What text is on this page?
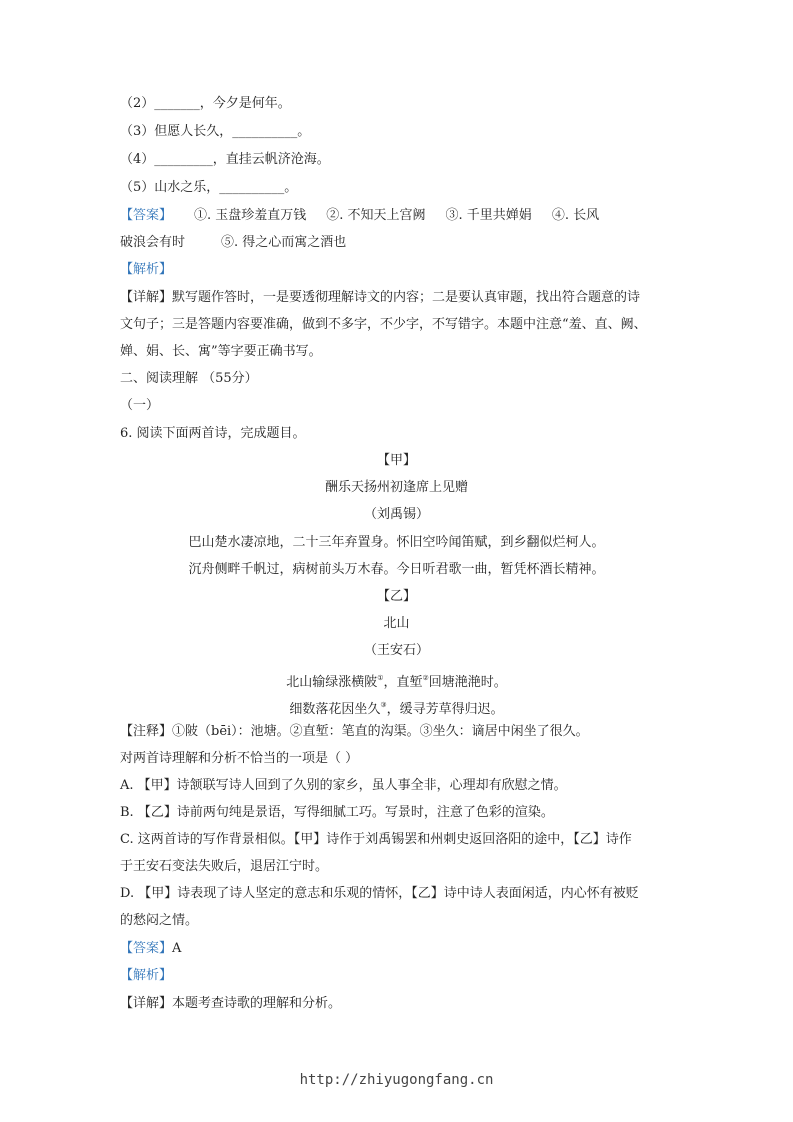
（2）_______，今夕是何年。
（3）但愿人长久，__________。
（4）_________，直挂云帆济沧海。
（5）山水之乐，__________。
【答案】 ①. 玉盘珍羞直万钱 ②. 不知天上宫阙 ③. 千里共婵娟 ④. 长风
破浪会有时	⑤. 得之心而寓之酒也
【解析】
【详解】默写题作答时，一是要透彻理解诗文的内容；二是要认真审题，找出符合题意的诗
文句子；三是答题内容要准确，做到不多字，不少字，不写错字。本题中注意“羞、直、阙、
婵、娟、长、寓”等字要正确书写。
二、阅读理解 （55分）
（一）
6. 阅读下面两首诗，完成题目。
【甲】
酬乐天扬州初逢席上见赠
（刘禹锡）
巴山楚水凄凉地，二十三年弃置身。怀旧空吟闻笛赋，到乡翻似烂柯人。
沉舟侧畔千帆过，病树前头万木春。今日听君歌一曲，暂凭杯酒长精神。
【乙】
北山
（王安石）
北山输绿涨横陂①，直堑②回塘滟滟时。
细数落花因坐久③，缓寻芳草得归迟。
【注释】①陂（bēi）：池塘。②直堑：笔直的沟渠。③坐久：谪居中闲坐了很久。
对两首诗理解和分析不恰当的一项是（ ）
A. 【甲】诗颔联写诗人回到了久别的家乡，虽人事全非，心理却有欣慰之情。
B. 【乙】诗前两句纯是景语，写得细腻工巧。写景时，注意了色彩的渲染。
C. 这两首诗的写作背景相似。【甲】诗作于刘禹锡罢和州刺史返回洛阳的途中，【乙】诗作
于王安石变法失败后，退居江宁时。
D. 【甲】诗表现了诗人坚定的意志和乐观的情怀，【乙】诗中诗人表面闲适，内心怀有被贬
的愁闷之情。
【答案】A
【解析】
【详解】本题考查诗歌的理解和分析。
http://zhiyugongfang.cn
